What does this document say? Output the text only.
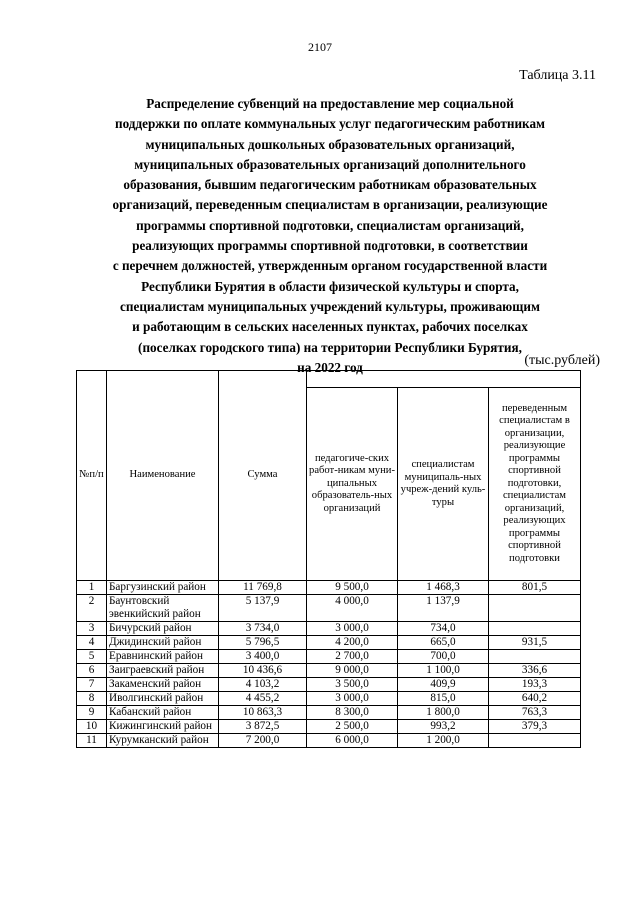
2107
Таблица 3.11
Распределение субвенций на предоставление мер социальной
поддержки по оплате коммунальных услуг педагогическим работникам
муниципальных дошкольных образовательных организаций,
муниципальных образовательных организаций дополнительного
образования, бывшим педагогическим работникам образовательных
организаций, переведенным специалистам в организации, реализующие
программы спортивной подготовки, специалистам организаций,
реализующих программы спортивной подготовки, в соответствии
с перечнем должностей, утвержденным органом государственной власти
Республики Бурятия в области физической культуры и спорта,
специалистам муниципальных учреждений культуры, проживающим
и работающим в сельских населенных пунктах, рабочих поселках
(поселках городского типа) на территории Республики Бурятия,
на 2022 год	(тыс.рублей)
№п/п	Наименование	Сумма			
			педагогиче-ских работ-никам муни-ципальных образователь-ных организаций	специалистам муниципаль-ных учреж-дений куль-туры	переведенным специалистам в организации, реализующие программы спортивной подготовки, специалистам организаций, реализующих программы спортивной подготовки
1	Баргузинский район	11 769,8	9 500,0	1 468,3	801,5
2	Баунтовский эвенкийский район	5 137,9	4 000,0	1 137,9	
3	Бичурский район	3 734,0	3 000,0	734,0	
4	Джидинский район	5 796,5	4 200,0	665,0	931,5
5	Еравнинский район	3 400,0	2 700,0	700,0	
6	Заиграевский район	10 436,6	9 000,0	1 100,0	336,6
7	Закаменский район	4 103,2	3 500,0	409,9	193,3
8	Иволгинский район	4 455,2	3 000,0	815,0	640,2
9	Кабанский район	10 863,3	8 300,0	1 800,0	763,3
10	Кижингинский район	3 872,5	2 500,0	993,2	379,3
11	Курумканский район	7 200,0	6 000,0	1 200,0	
